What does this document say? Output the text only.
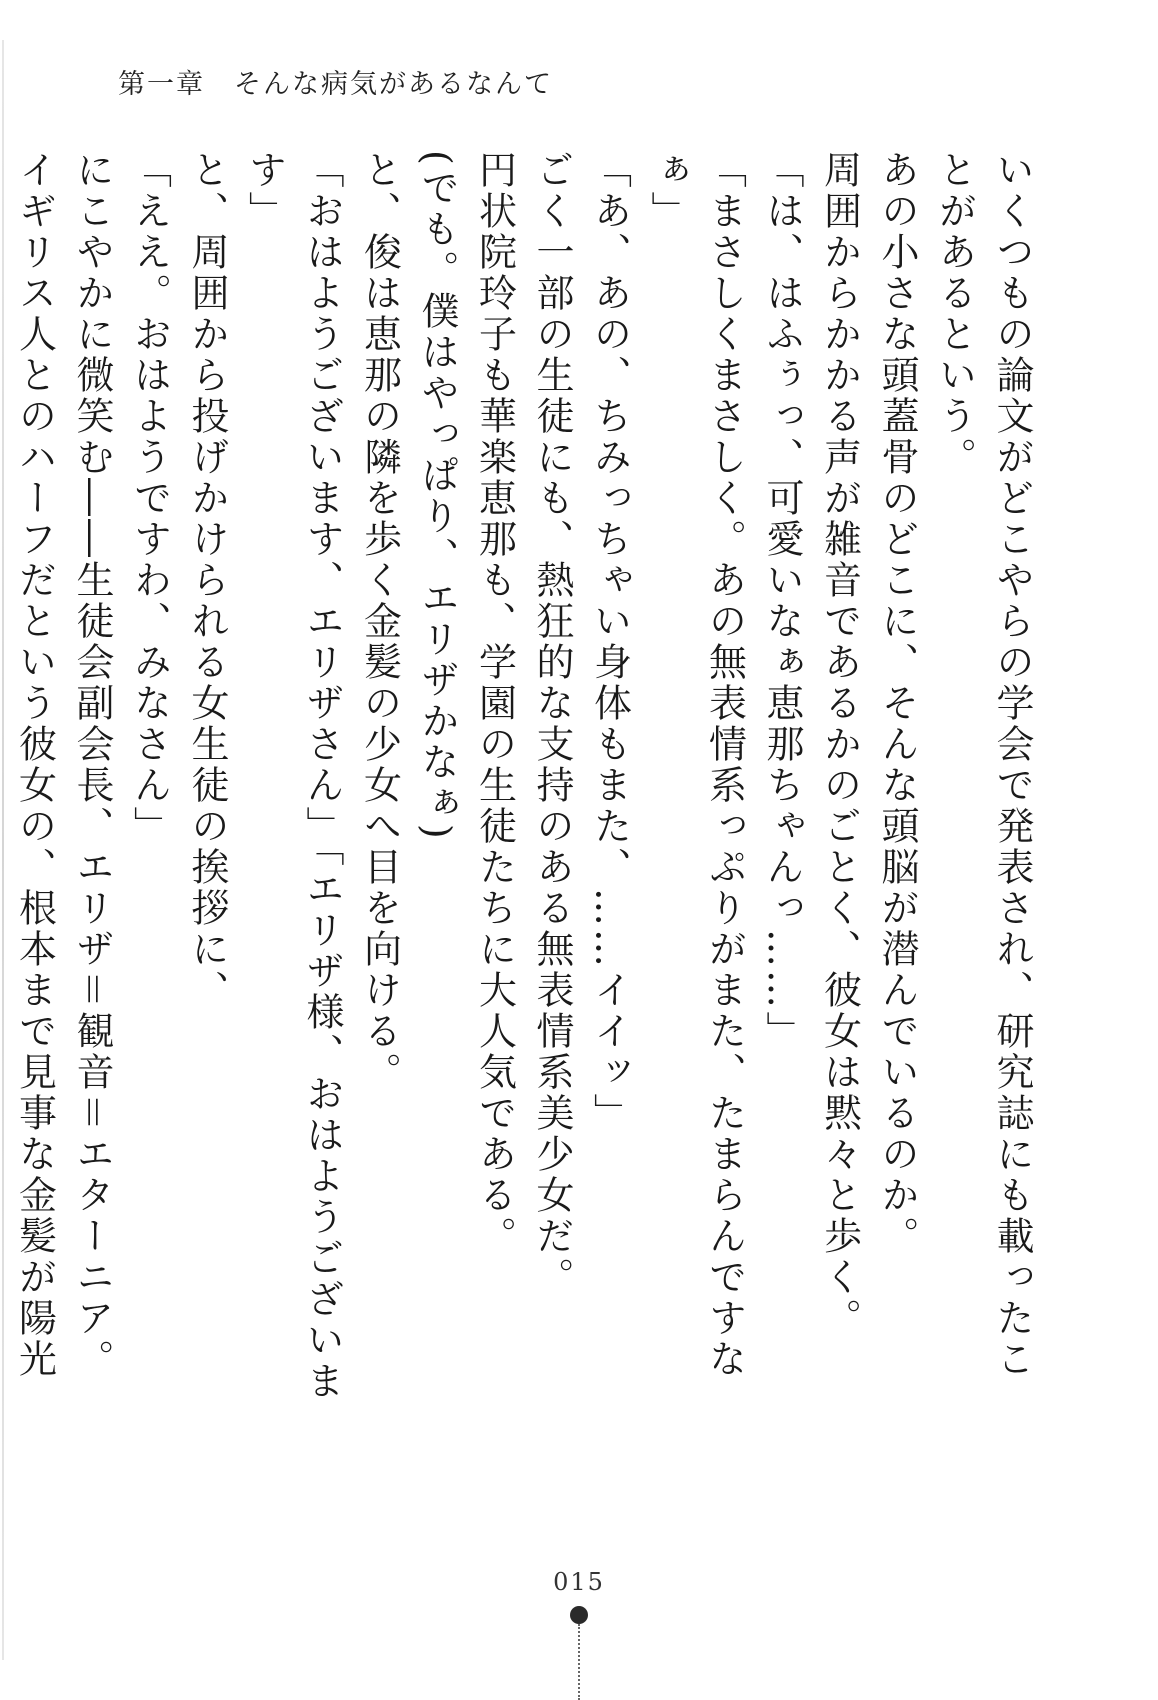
第一章　そんな病気があるなんて

いくつもの論文がどこやらの学会で発表され、研究誌にも載ったことがあるという。

あの小さな頭蓋骨のどこに、そんな頭脳が潜んでいるのか。

周囲からかかる声が雑音であるかのごとく、彼女は黙々と歩く。

「は、はふぅっ、可愛いなぁ恵那ちゃんっ……」

「まさしくまさしく。あの無表情系っぷりがまた、たまらんですなぁ」

「あ、あの、ちみっちゃい身体もまた、……イイッ」

ごく一部の生徒にも、熱狂的な支持のある無表情系美少女だ。

円状院玲子も華楽恵那も、学園の生徒たちに大人気である。

(でも。僕はやっぱり、エリザかなぁ)

と、俊は恵那の隣を歩く金髪の少女へ目を向ける。

「おはようございます、エリザさん」「エリザ様、おはようございます」

と、周囲から投げかけられる女生徒の挨拶に、

「ええ。おはようですわ、みなさん」

にこやかに微笑む――生徒会副会長、エリザ＝観音＝エターニア。

イギリス人とのハーフだという彼女の、根本まで見事な金髪が陽光

015
